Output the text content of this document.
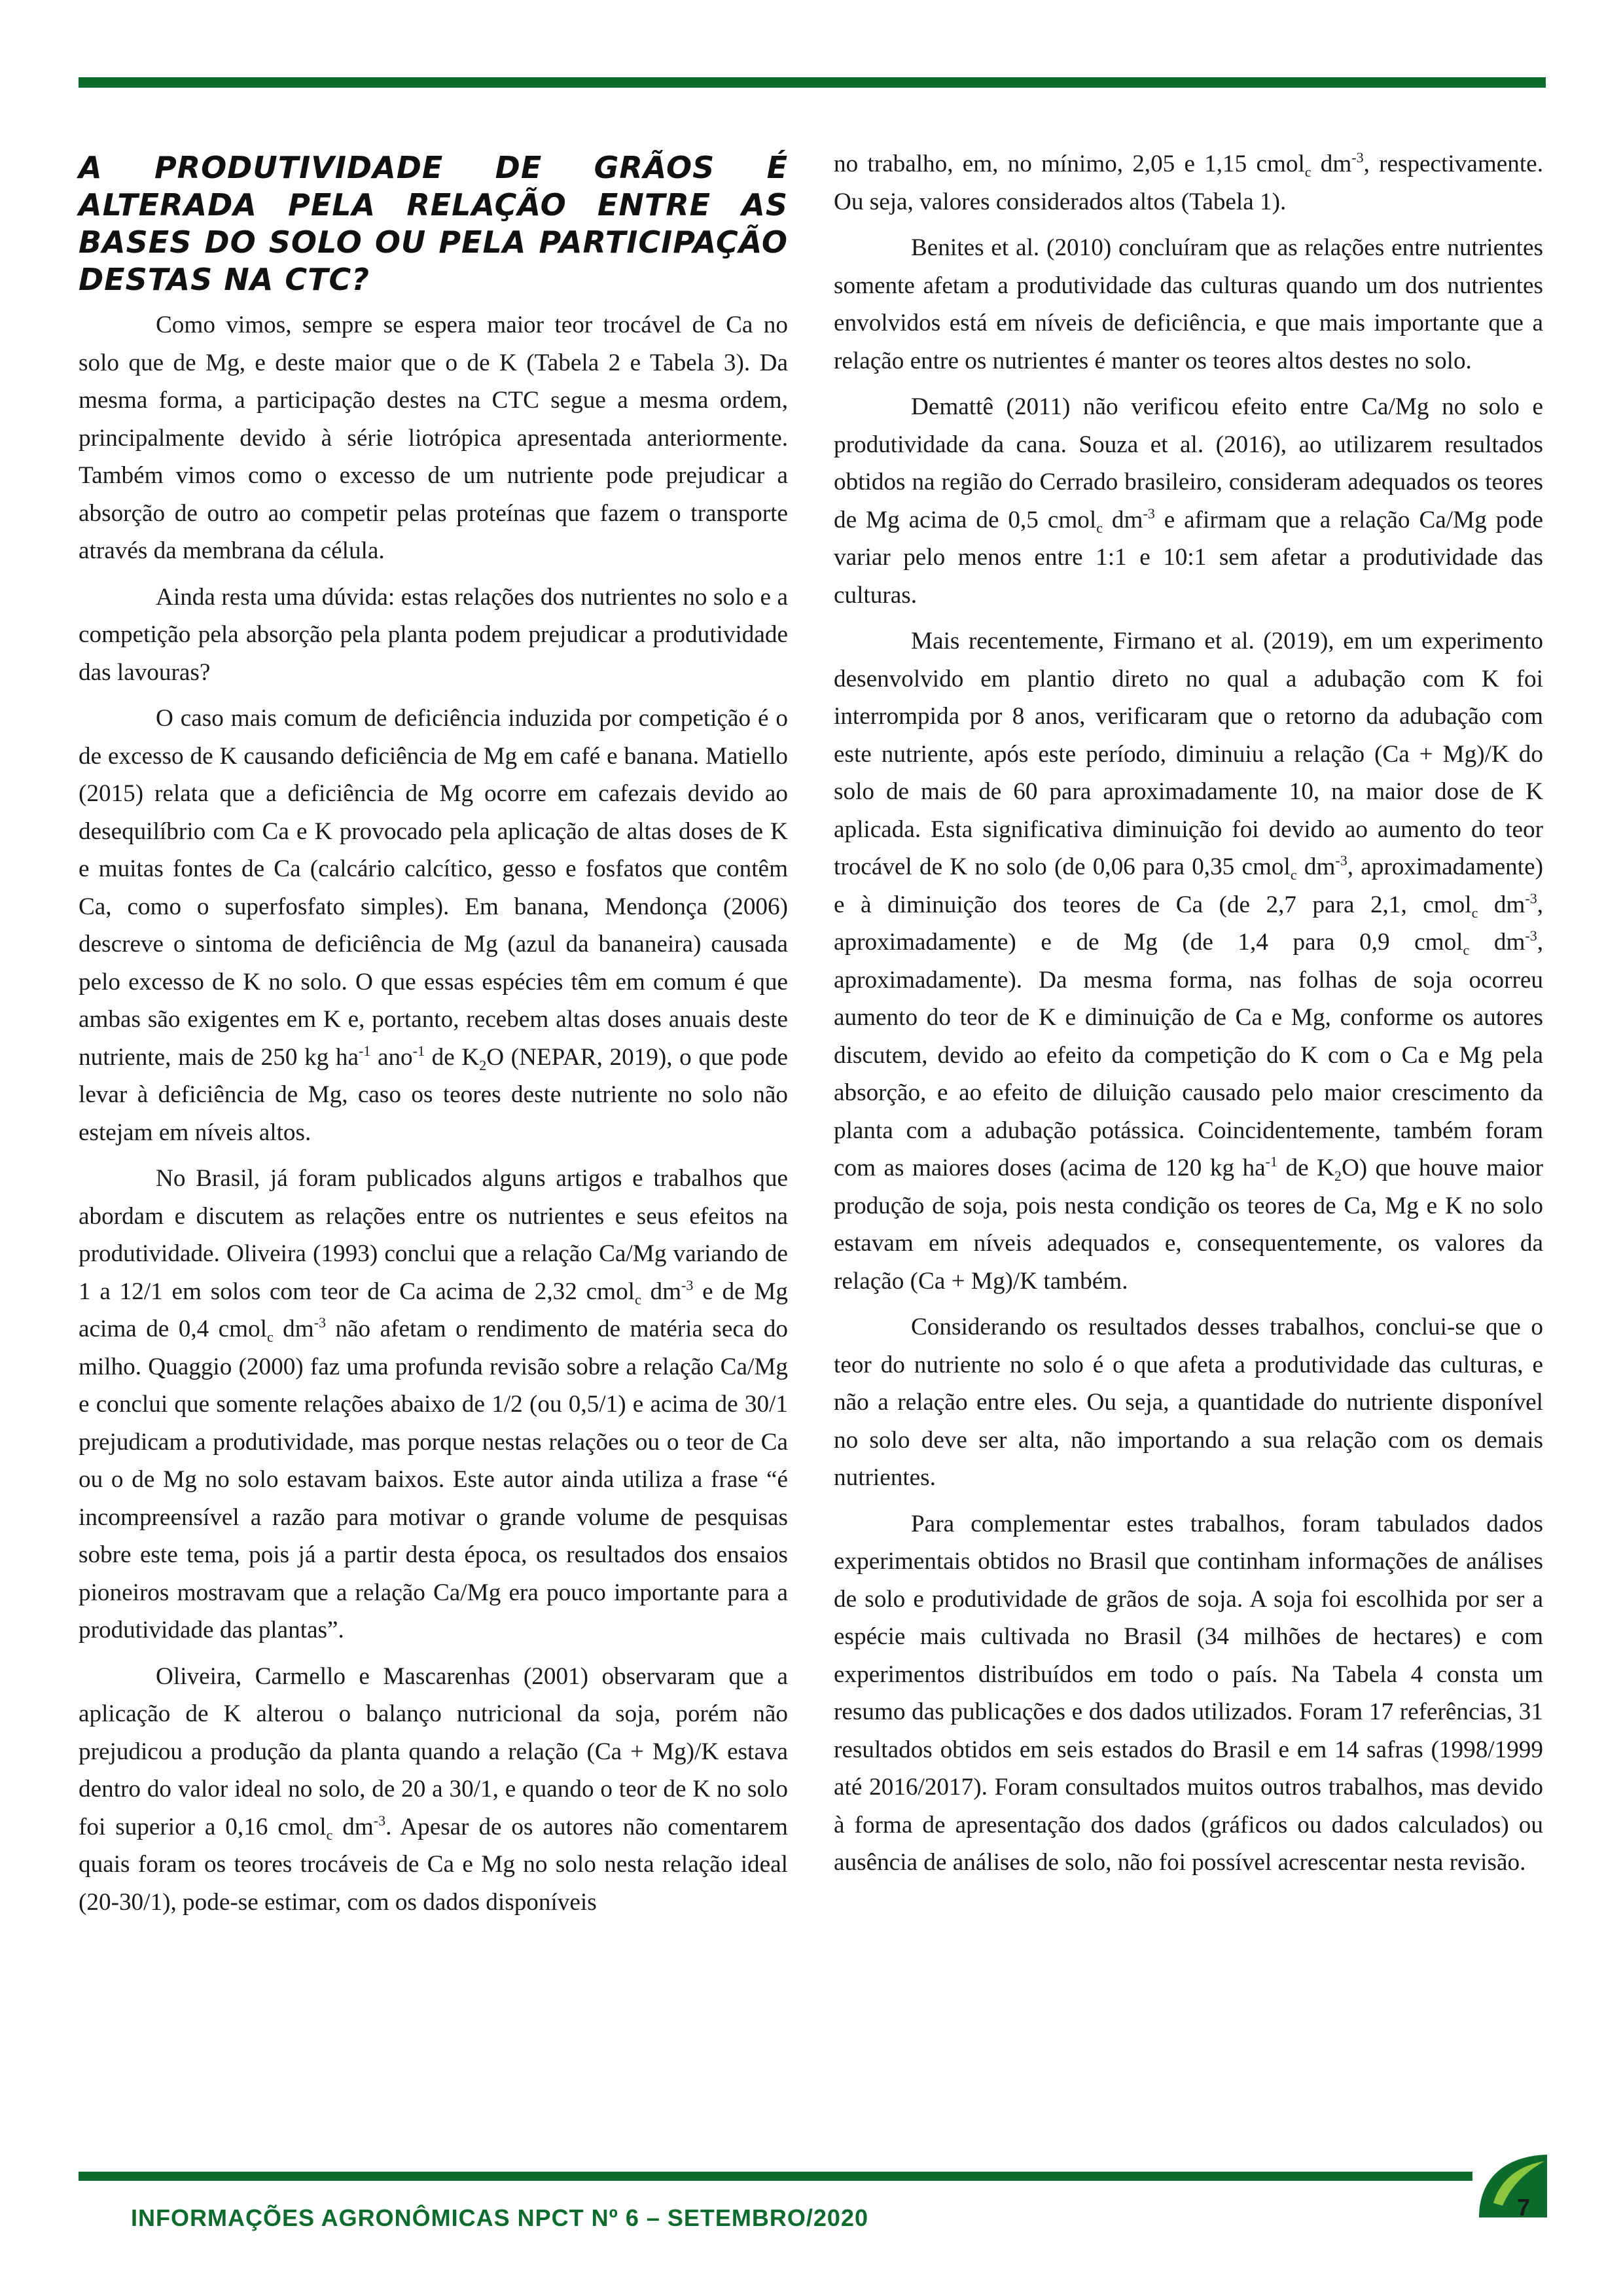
A PRODUTIVIDADE DE GRÃOS É ALTERADA PELA RELAÇÃO ENTRE AS BASES DO SOLO OU PELA PARTICIPAÇÃO DESTAS NA CTC?

Como vimos, sempre se espera maior teor trocável de Ca no solo que de Mg, e deste maior que o de K (Tabela 2 e Tabela 3). Da mesma forma, a participação destes na CTC segue a mesma ordem, principalmente devido à série liotrópica apresentada anteriormente. Também vimos como o excesso de um nutriente pode prejudicar a absorção de outro ao competir pelas proteínas que fazem o transporte através da membrana da célula.

Ainda resta uma dúvida: estas relações dos nutrientes no solo e a competição pela absorção pela planta podem prejudicar a produtividade das lavouras?

O caso mais comum de deficiência induzida por competição é o de excesso de K causando deficiência de Mg em café e banana. Matiello (2015) relata que a deficiência de Mg ocorre em cafezais devido ao desequilíbrio com Ca e K provocado pela aplicação de altas doses de K e muitas fontes de Ca (calcário calcítico, gesso e fosfatos que contêm Ca, como o superfosfato simples). Em banana, Mendonça (2006) descreve o sintoma de deficiência de Mg (azul da bananeira) causada pelo excesso de K no solo. O que essas espécies têm em comum é que ambas são exigentes em K e, portanto, recebem altas doses anuais deste nutriente, mais de 250 kg $ha^{-1}$ ano$^{-1}$ de $K_2O$ (NEPAR, 2019), o que pode levar à deficiência de Mg, caso os teores deste nutriente no solo não estejam em níveis altos.

No Brasil, já foram publicados alguns artigos e trabalhos que abordam e discutem as relações entre os nutrientes e seus efeitos na produtividade. Oliveira (1993) conclui que a relação Ca/Mg variando de 1 a 12/1 em solos com teor de Ca acima de 2,32 cmol$_c$ $dm^{-3}$ e de Mg acima de 0,4 cmol$_c$ $dm^{-3}$ não afetam o rendimento de matéria seca do milho. Quaggio (2000) faz uma profunda revisão sobre a relação Ca/Mg e conclui que somente relações abaixo de 1/2 (ou 0,5/1) e acima de 30/1 prejudicam a produtividade, mas porque nestas relações ou o teor de Ca ou o de Mg no solo estavam baixos. Este autor ainda utiliza a frase “é incompreensível a razão para motivar o grande volume de pesquisas sobre este tema, pois já a partir desta época, os resultados dos ensaios pioneiros mostravam que a relação Ca/Mg era pouco importante para a produtividade das plantas”.

Oliveira, Carmello e Mascarenhas (2001) observaram que a aplicação de K alterou o balanço nutricional da soja, porém não prejudicou a produção da planta quando a relação (Ca + Mg)/K estava dentro do valor ideal no solo, de 20 a 30/1, e quando o teor de K no solo foi superior a 0,16 cmol$_c$ $dm^{-3}$. Apesar de os autores não comentarem quais foram os teores trocáveis de Ca e Mg no solo nesta relação ideal (20-30/1), pode-se estimar, com os dados disponíveis

no trabalho, em, no mínimo, 2,05 e 1,15 cmol$_c$ $dm^{-3}$, respectivamente. Ou seja, valores considerados altos (Tabela 1).

Benites et al. (2010) concluíram que as relações entre nutrientes somente afetam a produtividade das culturas quando um dos nutrientes envolvidos está em níveis de deficiência, e que mais importante que a relação entre os nutrientes é manter os teores altos destes no solo.

Demattê (2011) não verificou efeito entre Ca/Mg no solo e produtividade da cana. Souza et al. (2016), ao utilizarem resultados obtidos na região do Cerrado brasileiro, consideram adequados os teores de Mg acima de 0,5 cmol$_c$ $dm^{-3}$ e afirmam que a relação Ca/Mg pode variar pelo menos entre 1:1 e 10:1 sem afetar a produtividade das culturas.

Mais recentemente, Firmano et al. (2019), em um experimento desenvolvido em plantio direto no qual a adubação com K foi interrompida por 8 anos, verificaram que o retorno da adubação com este nutriente, após este período, diminuiu a relação (Ca + Mg)/K do solo de mais de 60 para aproximadamente 10, na maior dose de K aplicada. Esta significativa diminuição foi devido ao aumento do teor trocável de K no solo (de 0,06 para 0,35 cmol$_c$ $dm^{-3}$, aproximadamente) e à diminuição dos teores de Ca (de 2,7 para 2,1, cmol$_c$ $dm^{-3}$, aproximadamente) e de Mg (de 1,4 para 0,9 cmol$_c$ $dm^{-3}$, aproximadamente). Da mesma forma, nas folhas de soja ocorreu aumento do teor de K e diminuição de Ca e Mg, conforme os autores discutem, devido ao efeito da competição do K com o Ca e Mg pela absorção, e ao efeito de diluição causado pelo maior crescimento da planta com a adubação potássica. Coincidentemente, também foram com as maiores doses (acima de 120 kg $ha^{-1}$ de $K_2O$) que houve maior produção de soja, pois nesta condição os teores de Ca, Mg e K no solo estavam em níveis adequados e, consequentemente, os valores da relação (Ca + Mg)/K também.

Considerando os resultados desses trabalhos, conclui-se que o teor do nutriente no solo é o que afeta a produtividade das culturas, e não a relação entre eles. Ou seja, a quantidade do nutriente disponível no solo deve ser alta, não importando a sua relação com os demais nutrientes.

Para complementar estes trabalhos, foram tabulados dados experimentais obtidos no Brasil que continham informações de análises de solo e produtividade de grãos de soja. A soja foi escolhida por ser a espécie mais cultivada no Brasil (34 milhões de hectares) e com experimentos distribuídos em todo o país. Na Tabela 4 consta um resumo das publicações e dos dados utilizados. Foram 17 referências, 31 resultados obtidos em seis estados do Brasil e em 14 safras (1998/1999 até 2016/2017). Foram consultados muitos outros trabalhos, mas devido à forma de apresentação dos dados (gráficos ou dados calculados) ou ausência de análises de solo, não foi possível acrescentar nesta revisão.

INFORMAÇÕES AGRONÔMICAS NPCT Nº 6 – SETEMBRO/2020	7
